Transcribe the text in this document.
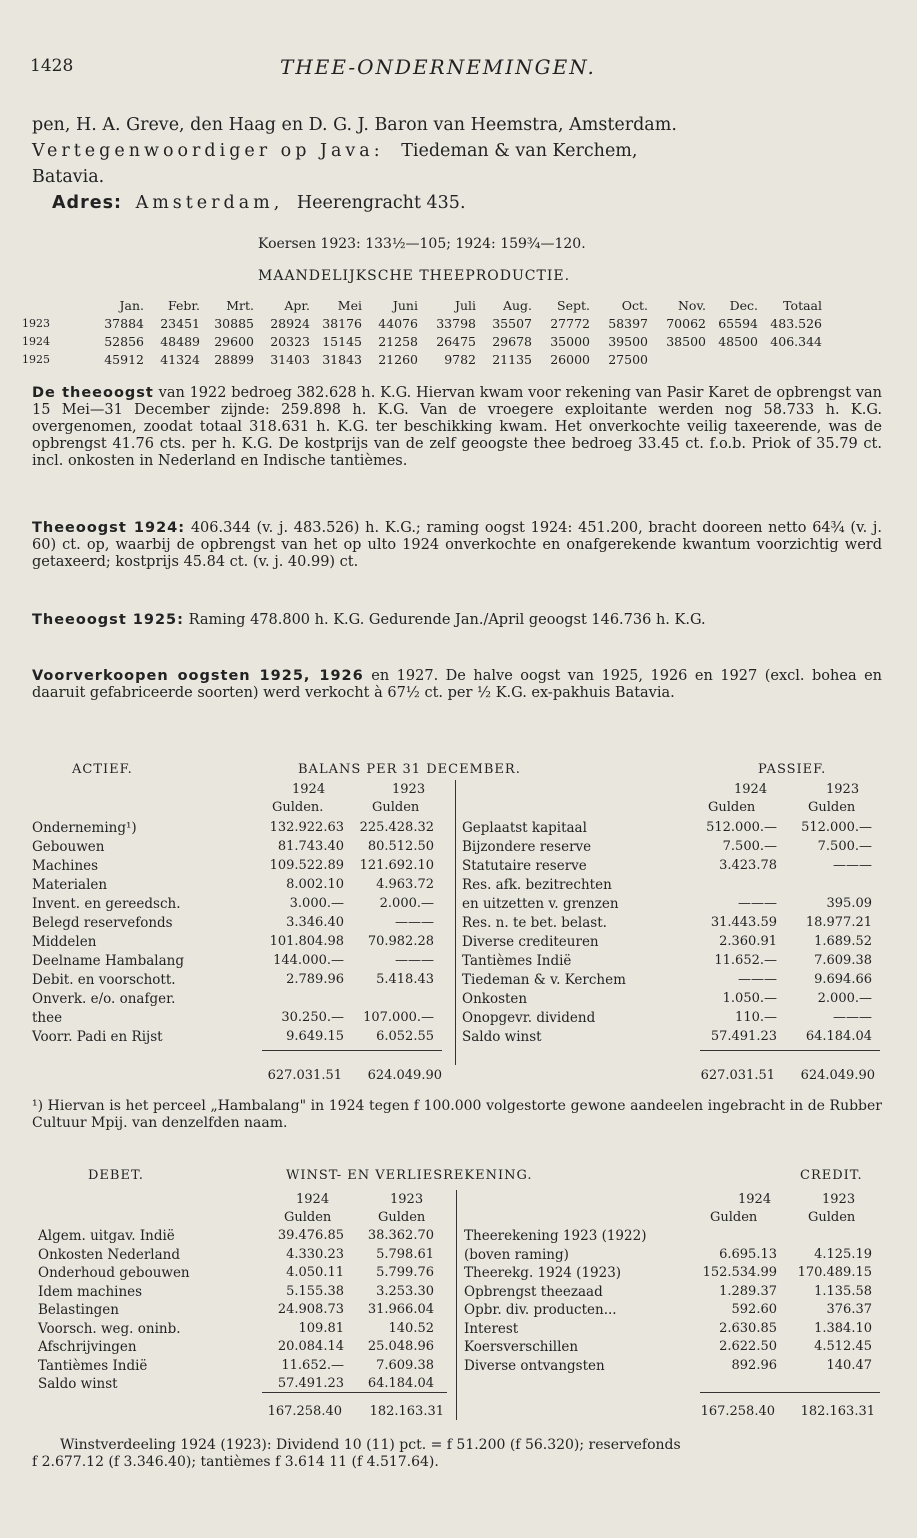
1428	THEE-ONDERNEMINGEN.
pen, H. A. Greve, den Haag en D. G. J. Baron van Heemstra, Amsterdam.
Vertegenwoordiger op Java: Tiedeman & van Kerchem,
Batavia.
Adres: Amsterdam, Heerengracht 435.
Koersen 1923: 133½—105; 1924: 159¾—120.
MAANDELIJKSCHE THEEPRODUCTIE.
	Jan.	Febr.	Mrt.	Apr.	Mei	Juni	Juli	Aug.	Sept.	Oct.	Nov.	Dec.	Totaal
1923	37884	23451	30885	28924	38176	44076	33798	35507	27772	58397	70062	65594	483.526
1924	52856	48489	29600	20323	15145	21258	26475	29678	35000	39500	38500	48500	406.344
1925	45912	41324	28899	31403	31843	21260	9782	21135	26000	27500			
De theeoogst van 1922 bedroeg 382.628 h. K.G. Hiervan kwam voor rekening van Pasir Karet de opbrengst van 15 Mei—31 December zijnde: 259.898 h. K.G. Van de vroegere exploitante werden nog 58.733 h. K.G. overgenomen, zoodat totaal 318.631 h. K.G. ter beschikking kwam. Het onverkochte veilig taxeerende, was de opbrengst 41.76 cts. per h. K.G. De kostprijs van de zelf geoogste thee bedroeg 33.45 ct. f.o.b. Priok of 35.79 ct. incl. onkosten in Nederland en Indische tantièmes.
Theeoogst 1924: 406.344 (v. j. 483.526) h. K.G.; raming oogst 1924: 451.200, bracht dooreen netto 64¾ (v. j. 60) ct. op, waarbij de opbrengst van het op ulto 1924 onverkochte en onafgerekende kwantum voorzichtig werd getaxeerd; kostprijs 45.84 ct. (v. j. 40.99) ct.
Theeoogst 1925: Raming 478.800 h. K.G. Gedurende Jan./April geoogst 146.736 h. K.G.
Voorverkoopen oogsten 1925, 1926 en 1927. De halve oogst van 1925, 1926 en 1927 (excl. bohea en daaruit gefabriceerde soorten) werd verkocht à 67½ ct. per ½ K.G. ex-pakhuis Batavia.
ACTIEF.	BALANS PER 31 DECEMBER.	PASSIEF.
1924	1923
Gulden.	Gulden
1924	1923
Gulden	Gulden
Onderneming¹)	132.922.63	225.428.32
Gebouwen	81.743.40	80.512.50
Machines	109.522.89	121.692.10
Materialen	8.002.10	4.963.72
Invent. en gereedsch.	3.000.—	2.000.—
Belegd reservefonds	3.346.40	———
Middelen	101.804.98	70.982.28
Deelname Hambalang	144.000.—	———
Debit. en voorschott.	2.789.96	5.418.43
Onverk. e/o. onafger.
thee	30.250.—	107.000.—
Voorr. Padi en Rijst	9.649.15	6.052.55
Geplaatst kapitaal	512.000.—	512.000.—
Bijzondere reserve	7.500.—	7.500.—
Statutaire reserve	3.423.78	———
Res. afk. bezitrechten
en uitzetten v. grenzen	———	395.09
Res. n. te bet. belast.	31.443.59	18.977.21
Diverse crediteuren	2.360.91	1.689.52
Tantièmes Indië	11.652.—	7.609.38
Tiedeman & v. Kerchem	———	9.694.66
Onkosten	1.050.—	2.000.—
Onopgevr. dividend	110.—	———
Saldo winst	57.491.23	64.184.04
627.031.51	624.049.90	627.031.51	624.049.90
¹) Hiervan is het perceel „Hambalang" in 1924 tegen f 100.000 volgestorte gewone aandeelen ingebracht in de Rubber Cultuur Mpij. van denzelfden naam.
DEBET.	WINST- EN VERLIESREKENING.	CREDIT.
1924	1923
Gulden	Gulden
1924	1923
Gulden	Gulden
Algem. uitgav. Indië	39.476.85	38.362.70
Onkosten Nederland	4.330.23	5.798.61
Onderhoud gebouwen	4.050.11	5.799.76
Idem machines	5.155.38	3.253.30
Belastingen	24.908.73	31.966.04
Voorsch. weg. oninb.	109.81	140.52
Afschrijvingen	20.084.14	25.048.96
Tantièmes Indië	11.652.—	7.609.38
Saldo winst	57.491.23	64.184.04
Theerekening 1923 (1922)
(boven raming)	6.695.13	4.125.19
Theerekg. 1924 (1923)	152.534.99	170.489.15
Opbrengst theezaad	1.289.37	1.135.58
Opbr. div. producten...	592.60	376.37
Interest	2.630.85	1.384.10
Koersverschillen	2.622.50	4.512.45
Diverse ontvangsten	892.96	140.47
167.258.40	182.163.31	167.258.40	182.163.31
Winstverdeeling 1924 (1923): Dividend 10 (11) pct. = f 51.200 (f 56.320); reservefonds
f 2.677.12 (f 3.346.40); tantièmes f 3.614 11 (f 4.517.64).
